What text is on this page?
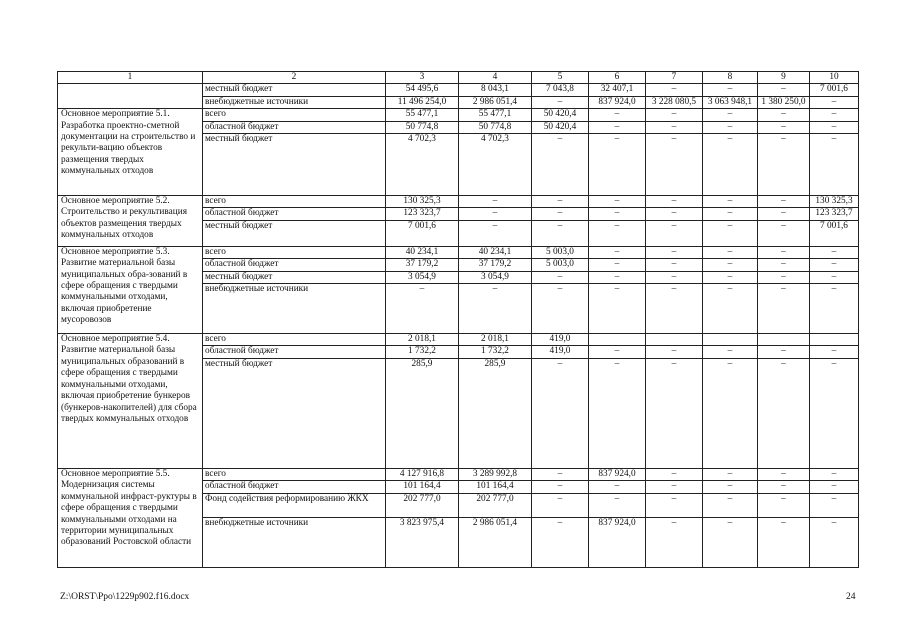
1	2	3	4	5	6	7	8	9	10
	местный бюджет	54 495,6	8 043,1	7 043,8	32 407,1	–	–	–	7 001,6
	внебюджетные источники	11 496 254,0	2 986 051,4	–	837 924,0	3 228 080,5	3 063 948,1	1 380 250,0	–
Основное мероприятие 5.1. Разработка проектно-сметной документации на строительство и рекульти-вацию объектов размещения твердых коммунальных отходов	всего	55 477,1	55 477,1	50 420,4	–	–	–	–	–
	областной бюджет	50 774,8	50 774,8	50 420,4	–	–	–	–	–
	местный бюджет	4 702,3	4 702,3	–	–	–	–	–	–
Основное мероприятие 5.2. Строительство и рекультивация объектов размещения твердых коммунальных отходов	всего	130 325,3	–	–	–	–	–	–	130 325,3
	областной бюджет	123 323,7	–	–	–	–	–	–	123 323,7
	местный бюджет	7 001,6	–	–	–	–	–	–	7 001,6
Основное мероприятие 5.3. Развитие материальной базы муниципальных обра-зований в сфере обращения с твердыми коммунальными отходами, включая приобретение мусоровозов	всего	40 234,1	40 234,1	5 003,0	–	–	–	–	–
	областной бюджет	37 179,2	37 179,2	5 003,0	–	–	–	–	–
	местный бюджет	3 054,9	3 054,9	–	–	–	–	–	–
	внебюджетные источники	–	–	–	–	–	–	–	–
Основное мероприятие 5.4. Развитие материальной базы муниципальных образований в сфере обращения с твердыми коммунальными отходами, включая приобретение бункеров (бункеров-накопителей) для сбора твердых коммунальных отходов	всего	2 018,1	2 018,1	419,0					
	областной бюджет	1 732,2	1 732,2	419,0	–	–	–	–	–
	местный бюджет	285,9	285,9	–	–	–	–	–	–
Основное мероприятие 5.5. Модернизация системы коммунальной инфраст-руктуры в сфере обращения с твердыми коммунальными отходами на территории муниципальных образований Ростовской области	всего	4 127 916,8	3 289 992,8	–	837 924,0	–	–	–	–
	областной бюджет	101 164,4	101 164,4	–	–	–	–	–	–
	Фонд содействия реформированию ЖКХ	202 777,0	202 777,0	–	–	–	–	–	–
	внебюджетные источники	3 823 975,4	2 986 051,4	–	837 924,0	–	–	–	–
Z:\ORST\Ppo\1229p902.f16.docx	24
